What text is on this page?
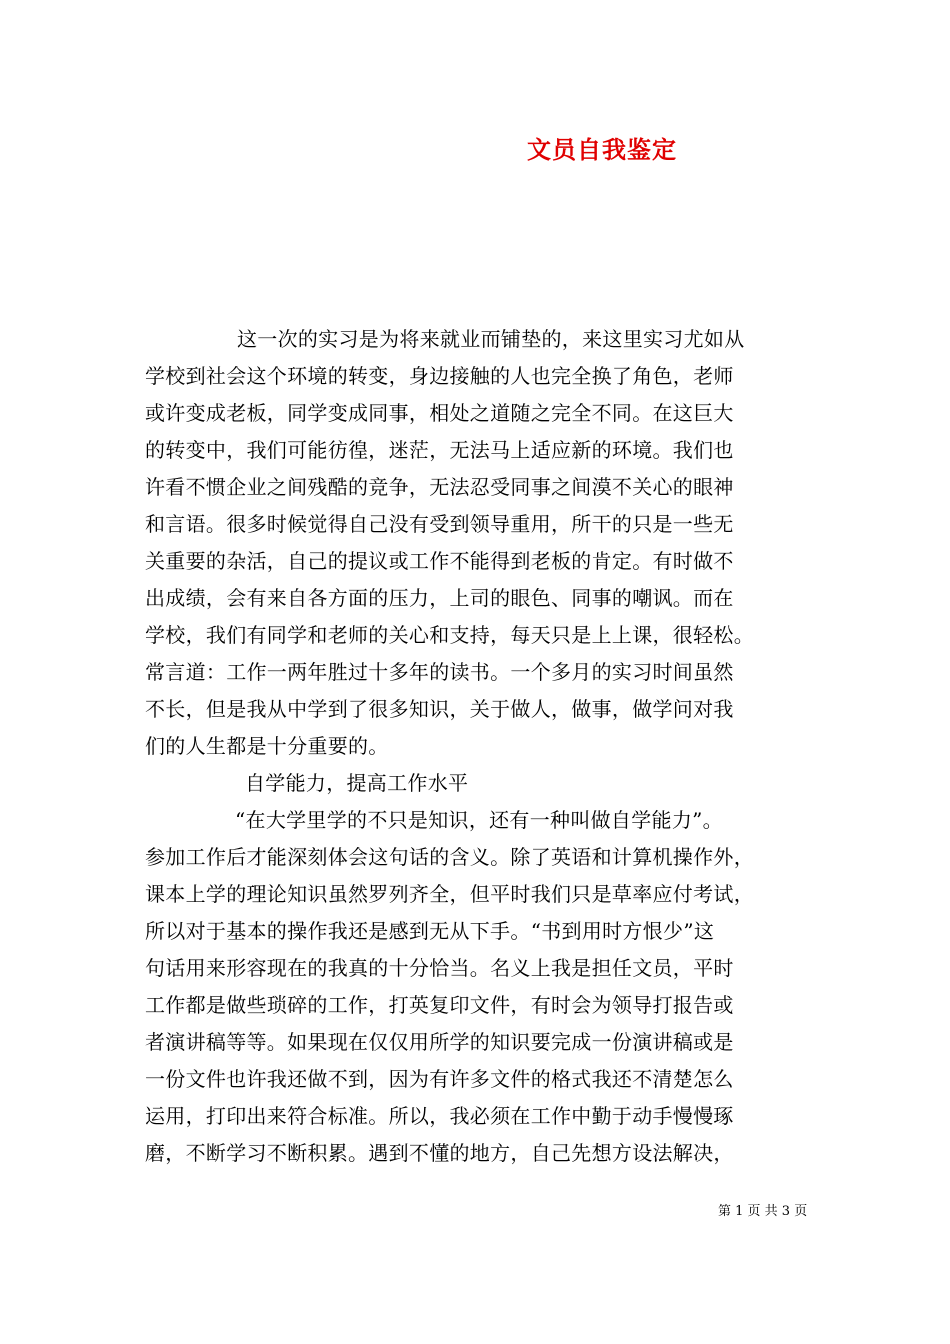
文员自我鉴定
这一次的实习是为将来就业而铺垫的，来这里实习尤如从
学校到社会这个环境的转变，身边接触的人也完全换了角色，老师
或许变成老板，同学变成同事，相处之道随之完全不同。在这巨大
的转变中，我们可能彷徨，迷茫，无法马上适应新的环境。我们也
许看不惯企业之间残酷的竞争，无法忍受同事之间漠不关心的眼神
和言语。很多时候觉得自己没有受到领导重用，所干的只是一些无
关重要的杂活，自己的提议或工作不能得到老板的肯定。有时做不
出成绩，会有来自各方面的压力，上司的眼色、同事的嘲讽。而在
学校，我们有同学和老师的关心和支持，每天只是上上课，很轻松。
常言道：工作一两年胜过十多年的读书。一个多月的实习时间虽然
不长，但是我从中学到了很多知识，关于做人，做事，做学问对我
们的人生都是十分重要的。
自学能力，提高工作水平
“在大学里学的不只是知识，还有一种叫做自学能力”。
参加工作后才能深刻体会这句话的含义。除了英语和计算机操作外，
课本上学的理论知识虽然罗列齐全，但平时我们只是草率应付考试，
所以对于基本的操作我还是感到无从下手。“书到用时方恨少”这
句话用来形容现在的我真的十分恰当。名义上我是担任文员，平时
工作都是做些琐碎的工作，打英复印文件，有时会为领导打报告或
者演讲稿等等。如果现在仅仅用所学的知识要完成一份演讲稿或是
一份文件也许我还做不到，因为有许多文件的格式我还不清楚怎么
运用，打印出来符合标准。所以，我必须在工作中勤于动手慢慢琢
磨，不断学习不断积累。遇到不懂的地方，自己先想方设法解决，
第 1 页 共 3 页
